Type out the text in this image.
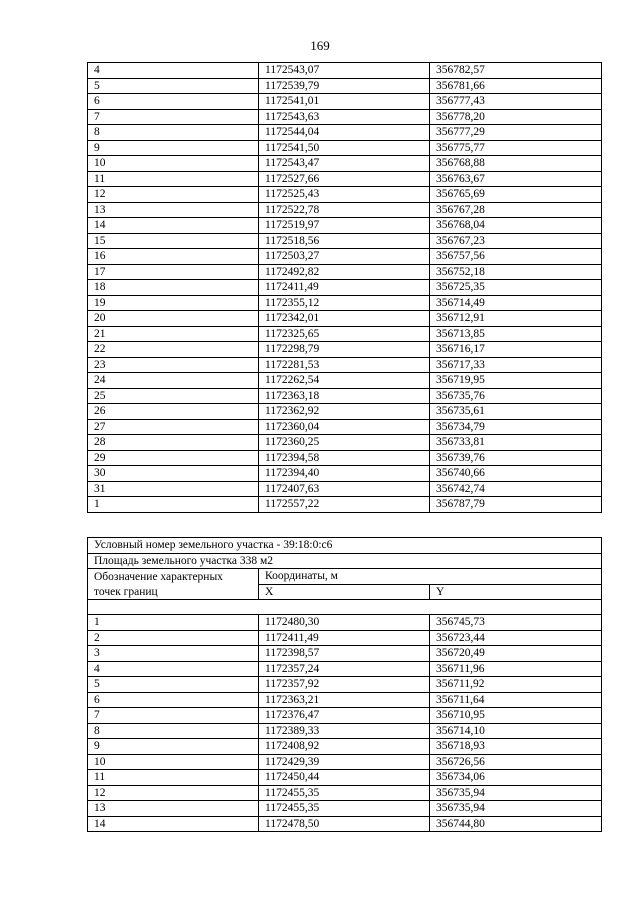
169
4	1172543,07	356782,57
5	1172539,79	356781,66
6	1172541,01	356777,43
7	1172543,63	356778,20
8	1172544,04	356777,29
9	1172541,50	356775,77
10	1172543,47	356768,88
11	1172527,66	356763,67
12	1172525,43	356765,69
13	1172522,78	356767,28
14	1172519,97	356768,04
15	1172518,56	356767,23
16	1172503,27	356757,56
17	1172492,82	356752,18
18	1172411,49	356725,35
19	1172355,12	356714,49
20	1172342,01	356712,91
21	1172325,65	356713,85
22	1172298,79	356716,17
23	1172281,53	356717,33
24	1172262,54	356719,95
25	1172363,18	356735,76
26	1172362,92	356735,61
27	1172360,04	356734,79
28	1172360,25	356733,81
29	1172394,58	356739,76
30	1172394,40	356740,66
31	1172407,63	356742,74
1	1172557,22	356787,79
Условный номер земельного участка - 39:18:0:с6		
Площадь земельного участка 338 м2		
Обозначение характерных	Координаты, м	
точек границ	X	Y

1	1172480,30	356745,73
2	1172411,49	356723,44
3	1172398,57	356720,49
4	1172357,24	356711,96
5	1172357,92	356711,92
6	1172363,21	356711,64
7	1172376,47	356710,95
8	1172389,33	356714,10
9	1172408,92	356718,93
10	1172429,39	356726,56
11	1172450,44	356734,06
12	1172455,35	356735,94
13	1172455,35	356735,94
14	1172478,50	356744,80
